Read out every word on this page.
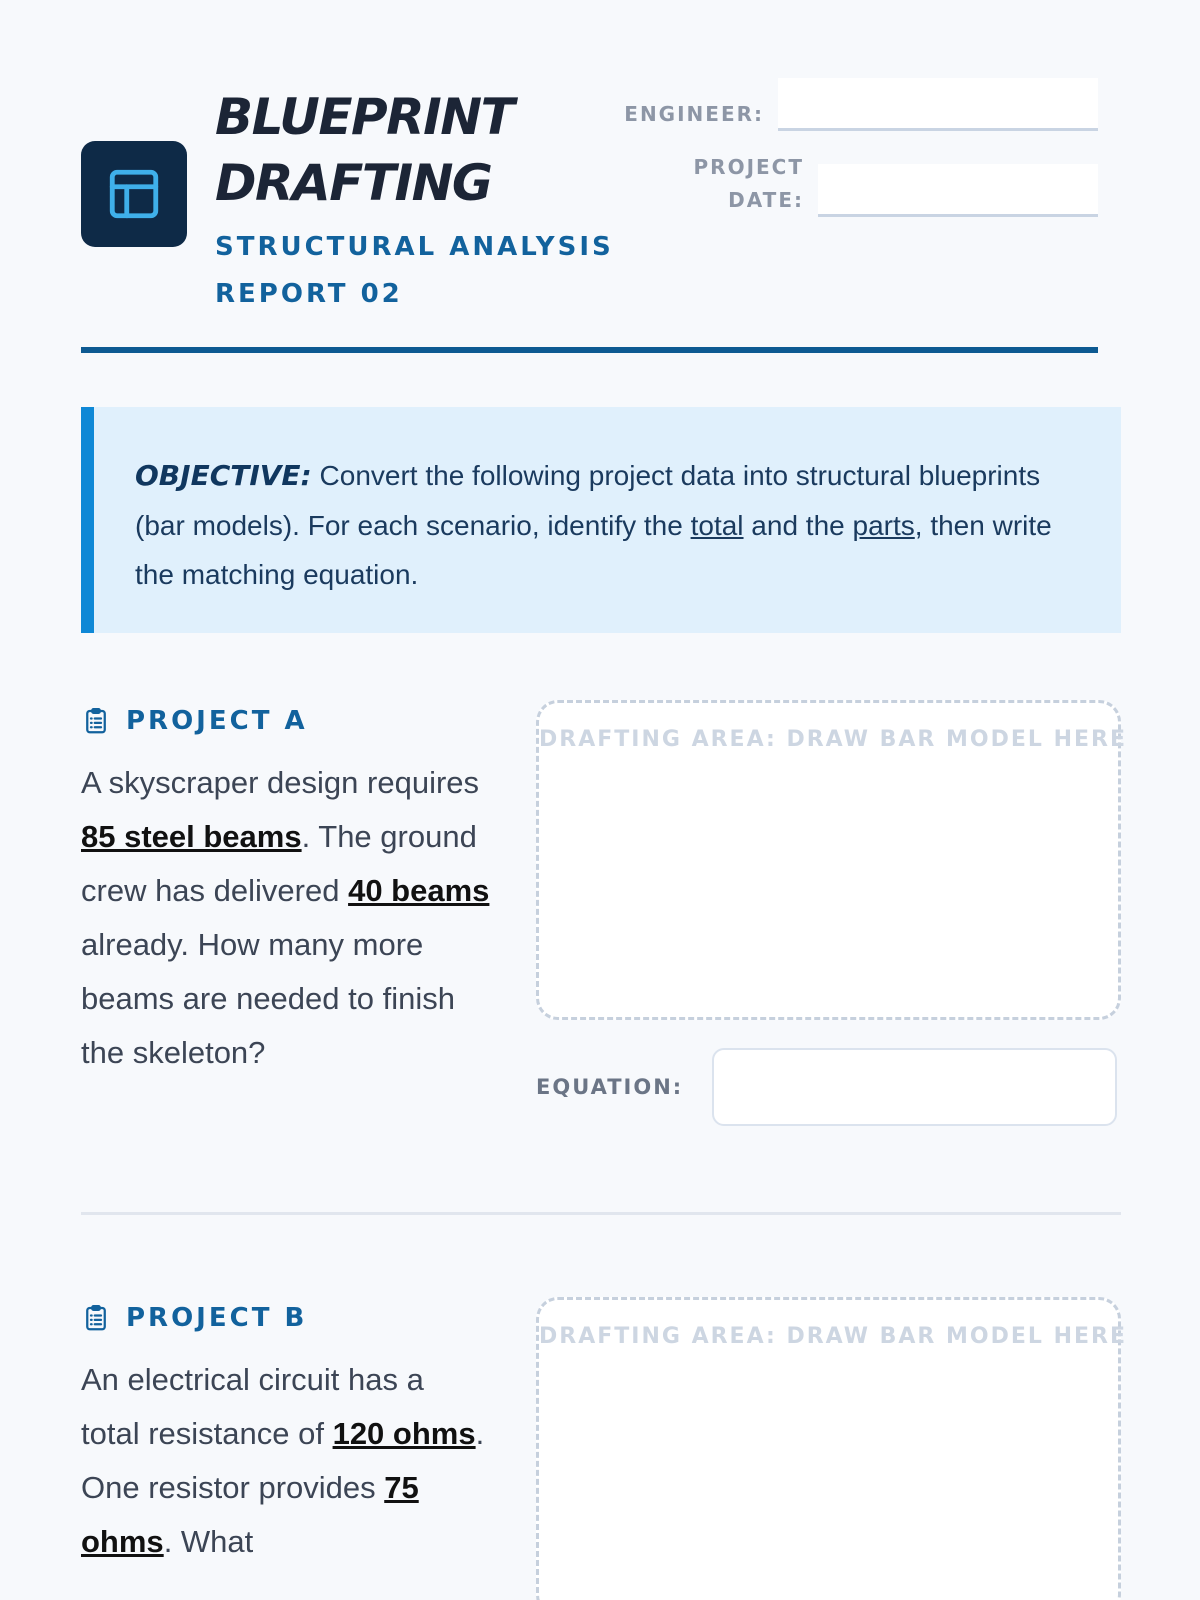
BLUEPRINT DRAFTING
STRUCTURAL ANALYSIS REPORT 02
ENGINEER:
PROJECT DATE:
OBJECTIVE: Convert the following project data into structural blueprints (bar models). For each scenario, identify the total and the parts, then write the matching equation.
PROJECT A
A skyscraper design requires 85 steel beams. The ground crew has delivered 40 beams already. How many more beams are needed to finish the skeleton?
DRAFTING AREA: DRAW BAR MODEL HERE
EQUATION:
PROJECT B
An electrical circuit has a total resistance of 120 ohms. One resistor provides 75 ohms. What
DRAFTING AREA: DRAW BAR MODEL HERE
